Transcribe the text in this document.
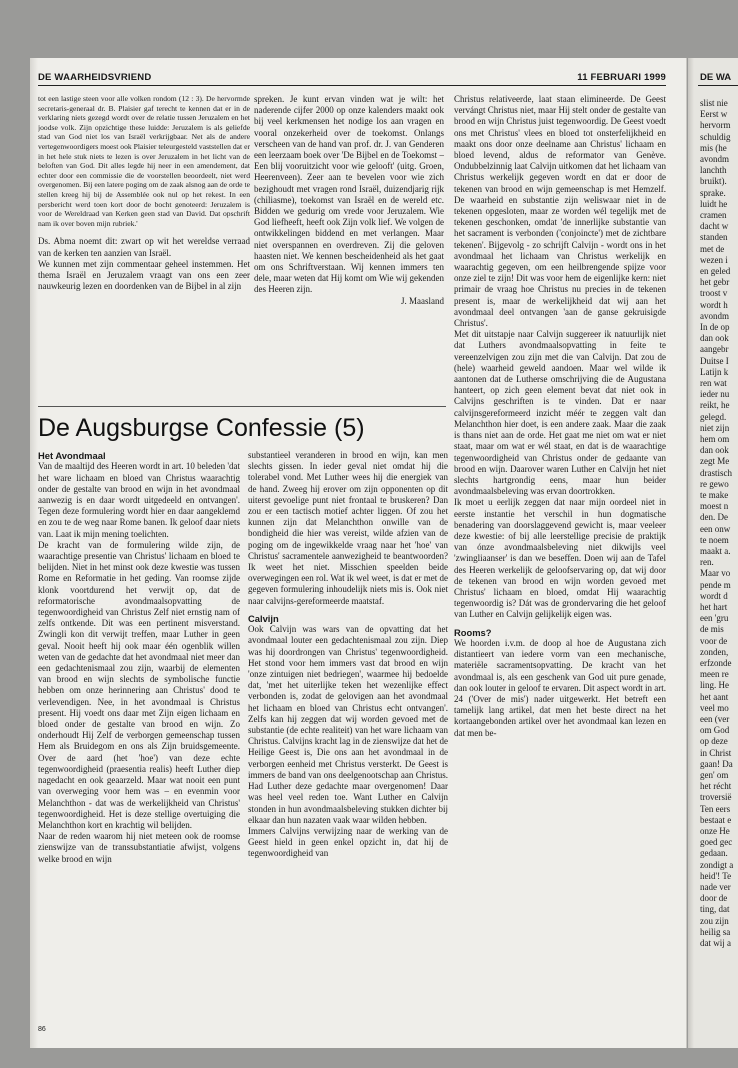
DE WAARHEIDSVRIEND	11 FEBRUARI 1999

tot een lastige steen voor alle volken rondom (12 : 3). De hervormde secretaris-generaal dr. B. Plaisier gaf terecht te kennen dat er in de verklaring niets gezegd wordt over de relatie tussen Jeruzalem en het joodse volk. Zijn opzichtige these luidde: Jeruzalem is als geliefde stad van God niet los van Israël verkrijgbaar. Net als de andere vertegenwoordigers moest ook Plaisier teleurgesteld vaststellen dat er in het hele stuk niets te lezen is over Jeruzalem in het licht van de beloften van God. Dit alles legde hij neer in een amendement, dat echter door een commissie die de voorstellen beoordeelt, niet werd overgenomen. Bij een latere poging om de zaak alsnog aan de orde te stellen kreeg hij bij de Assemblée ook nul op het rekest. In een persbericht werd toen kort door de bocht genoteerd: Jeruzalem is voor de Wereldraad van Kerken geen stad van David. Dat opschrift nam ik over boven mijn rubriek.'

Ds. Abma noemt dit: zwart op wit het wereldse verraad van de kerken ten aanzien van Israël.

We kunnen met zijn commentaar geheel instemmen. Het thema Israël en Jeruzalem vraagt van ons een zeer nauwkeurig lezen en doordenken van de Bijbel in al zijn

spreken. Je kunt ervan vinden wat je wilt: het naderende cijfer 2000 op onze kalenders maakt ook bij veel kerkmensen het nodige los aan vragen en vooral onzekerheid over de toekomst. Onlangs verscheen van de hand van prof. dr. J. van Genderen een leerzaam boek over 'De Bijbel en de Toekomst – Een blij vooruitzicht voor wie gelooft' (uitg. Groen, Heerenveen). Zeer aan te bevelen voor wie zich bezighoudt met vragen rond Israël, duizendjarig rijk (chiliasme), toekomst van Israël en de wereld etc. Bidden we gedurig om vrede voor Jeruzalem. Wie God liefheeft, heeft ook Zijn volk lief. We volgen de ontwikkelingen biddend en met verlangen. Maar niet overspannen en overdreven. Zij die geloven haasten niet. We kennen bescheidenheid als het gaat om ons Schriftverstaan. Wij kennen immers ten dele, maar weten dat Hij komt om Wie wij gekenden des Heeren zijn.

J. Maasland

De Augsburgse Confessie (5)
Het Avondmaal

Van de maaltijd des Heeren wordt in art. 10 beleden 'dat het ware lichaam en bloed van Christus waarachtig onder de gestalte van brood en wijn in het avondmaal aanwezig is en daar wordt uitgedeeld en ontvangen'. Tegen deze formulering wordt hier en daar aangeklemd en zou te de weg naar Rome banen. Ik geloof daar niets van. Laat ik mijn mening toelichten.

De kracht van de formulering wilde zijn, de waarachtige presentie van Christus' lichaam en bloed te belijden. Niet in het minst ook deze kwestie was tussen Rome en Reformatie in het geding. Van roomse zijde klonk voortdurend het verwijt op, dat de reformatorische avondmaalsopvatting de tegenwoordigheid van Christus Zelf niet ernstig nam of zelfs ontkende. Dit was een pertinent misverstand. Zwingli kon dit verwijt treffen, maar Luther in geen geval. Nooit heeft hij ook maar één ogenblik willen weten van de gedachte dat het avondmaal niet meer dan een gedachtenismaal zou zijn, waarbij de elementen van brood en wijn slechts de symbolische functie hebben om onze herinnering aan Christus' dood te verlevendigen. Nee, in het avondmaal is Christus present. Hij voedt ons daar met Zijn eigen lichaam en bloed onder de gestalte van brood en wijn. Zo onderhoudt Hij Zelf de verborgen gemeenschap tussen Hem als Bruidegom en ons als Zijn bruidsgemeente. Over de aard (het 'hoe') van deze echte tegenwoordigheid (praesentia realis) heeft Luther diep nagedacht en ook geaarzeld. Maar wat nooit een punt van overweging voor hem was – en evenmin voor Melanchthon - dat was de werkelijkheid van Christus' tegenwoordigheid. Het is deze stellige overtuiging die Melanchthon kort en krachtig wil belijden.

Naar de reden waarom hij niet meteen ook de roomse zienswijze van de transsubstantiatie afwijst, volgens welke brood en wijn

substantieel veranderen in brood en wijn, kan men slechts gissen. In ieder geval niet omdat hij die tolerabel vond. Met Luther wees hij die energiek van de hand. Zweeg hij erover om zijn opponenten op dit uiterst gevoelige punt niet frontaal te bruskeren? Dan zou er een tactisch motief achter liggen. Of zou het kunnen zijn dat Melanchthon onwille van de bondigheid die hier was vereist, wilde afzien van de poging om de ingewikkelde vraag naar het 'hoe' van Christus' sacramentele aanwezigheid te beantwoorden? Ik weet het niet. Misschien speelden beide overwegingen een rol. Wat ik wel weet, is dat er met de gegeven formulering inhoudelijk niets mis is. Ook niet naar calvijns-gereformeerde maatstaf.

Calvijn

Ook Calvijn was wars van de opvatting dat het avondmaal louter een gedachtenismaal zou zijn. Diep was hij doordrongen van Christus' tegenwoordigheid. Het stond voor hem immers vast dat brood en wijn 'onze zintuigen niet bedriegen', waarmee hij bedoelde dat, 'met het uiterlijke teken het wezenlijke effect verbonden is, zodat de gelovigen aan het avondmaal het lichaam en bloed van Christus echt ontvangen'. Zelfs kan hij zeggen dat wij worden gevoed met de substantie (de echte realiteit) van het ware lichaam van Christus. Calvijns kracht lag in de zienswijze dat het de Heilige Geest is, Die ons aan het avondmaal in de verborgen eenheid met Christus versterkt. De Geest is immers de band van ons deelgenootschap aan Christus. Had Luther deze gedachte maar overgenomen! Daar was heel veel reden toe. Want Luther en Calvijn stonden in hun avondmaalsbeleving stukken dichter bij elkaar dan hun nazaten vaak waar wilden hebben.

Immers Calvijns verwijzing naar de werking van de Geest hield in geen enkel opzicht in, dat hij de tegenwoordigheid van

Christus relativeerde, laat staan elimineerde. De Geest vervángt Christus niet, maar Hij stelt onder de gestalte van brood en wijn Christus juist tegenwoordig. De Geest voedt ons met Christus' vlees en bloed tot onsterfelijkheid en maakt ons door onze deelname aan Christus' lichaam en bloed levend, aldus de reformator van Genève. Ondubbelzinnig laat Calvijn uitkomen dat het lichaam van Christus werkelijk gegeven wordt en dat er door de tekenen van brood en wijn gemeenschap is met Hemzelf. De waarheid en substantie zijn weliswaar niet in de tekenen opgesloten, maar ze worden wél tegelijk met de tekenen geschonken, omdat 'de innerlijke substantie van het sacrament is verbonden ('conjoincte') met de zichtbare tekenen'. Bijgevolg - zo schrijft Calvijn - wordt ons in het avondmaal het lichaam van Christus werkelijk en waarachtig gegeven, om een heilbrengende spijze voor onze ziel te zijn! Dit was voor hem de eigenlijke kern: niet primair de vraag hoe Christus nu precies in de tekenen present is, maar de werkelijkheid dat wij aan het avondmaal deel ontvangen 'aan de ganse gekruisigde Christus'.

Met dit uitstapje naar Calvijn suggereer ik natuurlijk niet dat Luthers avondmaalsopvatting in feite te vereenzelvigen zou zijn met die van Calvijn. Dat zou de (hele) waarheid geweld aandoen. Maar wel wilde ik aantonen dat de Lutherse omschrijving die de Augustana hanteert, op zich geen element bevat dat niet ook in Calvijns geschriften is te vinden. Dat er naar calvijnsgereformeerd inzicht méér te zeggen valt dan Melanchthon hier doet, is een andere zaak. Maar die zaak is thans niet aan de orde. Het gaat me niet om wat er niet staat, maar om wat er wél staat, en dat is de waarachtige tegenwoordigheid van Christus onder de gedaante van brood en wijn. Daarover waren Luther en Calvijn het niet slechts hartgrondig eens, maar hun beider avondmaalsbeleving was ervan doortrokken.

Ik moet u eerlijk zeggen dat naar mijn oordeel niet in eerste instantie het verschil in hun dogmatische benadering van doorslaggevend gewicht is, maar veeleer deze kwestie: of bij alle leerstellige precisie de praktijk van ónze avondmaalsbeleving niet dikwijls veel 'zwingliaanser' is dan we beseffen. Doen wij aan de Tafel des Heeren werkelijk de geloofservaring op, dat wij door de tekenen van brood en wijn worden gevoed met Christus' lichaam en bloed, omdat Hij waarachtig tegenwoordig is? Dát was de grondervaring die het geloof van Luther en Calvijn gelijkelijk eigen was.

Rooms?

We hoorden i.v.m. de doop al hoe de Augustana zich distantieert van iedere vorm van een mechanische, materiële sacramentsopvatting. De kracht van het avondmaal is, als een geschenk van God uit pure genade, dan ook louter in geloof te ervaren. Dit aspect wordt in art. 24 ('Over de mis') nader uitgewerkt. Het betreft een tamelijk lang artikel, dat men het beste direct na het kortaangebonden artikel over het avondmaal kan lezen en dat men be-

86
DE WA
slist nie
Eerst w
hervorm
schuldig
mis (he
avondm
lanchth
bruikt).
sprake.
luidt he
cramen
dacht w
standen
met de
wezen i
en geled
het gebr
troost v
wordt h
avondm
In de op
dan ook
aangebr
Duitse I
Latijn k
ren wat
ieder nu
reikt, he
gelegd.
niet zijn
hem om
dan ook
zegt Me
drastisch
re gewo
te make
moest n
den. De
een onw
te noem
maakt a.
ren.
Maar vo
pende m
wordt d
het hart
een 'gru
de mis
voor de
zonden,
erfzonde
meen re
ling. He
het aant
veel mo
een (ver
om God
op deze
in Christ
gaan! Da
gen' om
het récht
troversië
Ten eers
bestaat e
onze He
goed gec
gedaan.
zondigt a
heid'! Te
nade ver
door de
ting, dat
zou zijn
heilig sa
dat wij a
